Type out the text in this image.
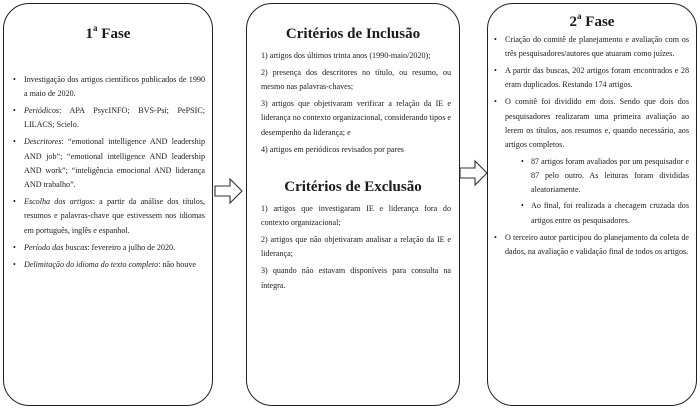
1$^a$ Fase
• Investigação dos artigos científicos publicados de 1990 a maio de 2020.
• Periódicos: APA PsycINFO; BVS-Psi; PePSIC; LILACS; Scielo.
• Descritores: “emotional intelligence AND leadership AND job”; “emotional intelligence AND leadership AND work”; “inteligência emocional AND liderança AND trabalho”.
• Escolha dos artigos: a partir da análise dos títulos, resumos e palavras-chave que estivessem nos idiomas em português, inglês e espanhol.
• Período das buscas: fevereiro a julho de 2020.
• Delimitação do idioma do texto completo: não houve
Critérios de Inclusão
1) artigos dos últimos trinta anos (1990-maio/2020);
2) presença dos descritores no título, ou resumo, ou mesmo nas palavras-chaves;
3) artigos que objetivaram verificar a relação da IE e liderança no contexto organizacional, considerando tipos e desempenho da liderança; e
4) artigos em periódicos revisados por pares
Critérios de Exclusão
1) artigos que investigaram IE e liderança fora do contexto organizacional;
2) artigos que não objetivaram analisar a relação da IE e liderança;
3) quando não estavam disponíveis para consulta na íntegra.
2$^a$ Fase
• Criação do comitê de planejamento e avaliação com os três pesquisadores/autores que atuaram como juízes.
• A partir das buscas, 202 artigos foram encontrados e 28 eram duplicados. Restando 174 artigos.
• O comitê foi dividido em dois. Sendo que dois dos pesquisadores realizaram uma primeira avaliação ao lerem os títulos, aos resumos e, quando necessário, aos artigos completos.
• 87 artigos foram avaliados por um pesquisador e 87 pelo outro. As leituras foram divididas aleatoriamente.
• Ao final, foi realizada a checagem cruzada dos artigos entre os pesquisadores.
• O terceiro autor participou do planejamento da coleta de dados, na avaliação e validação final de todos os artigos.
